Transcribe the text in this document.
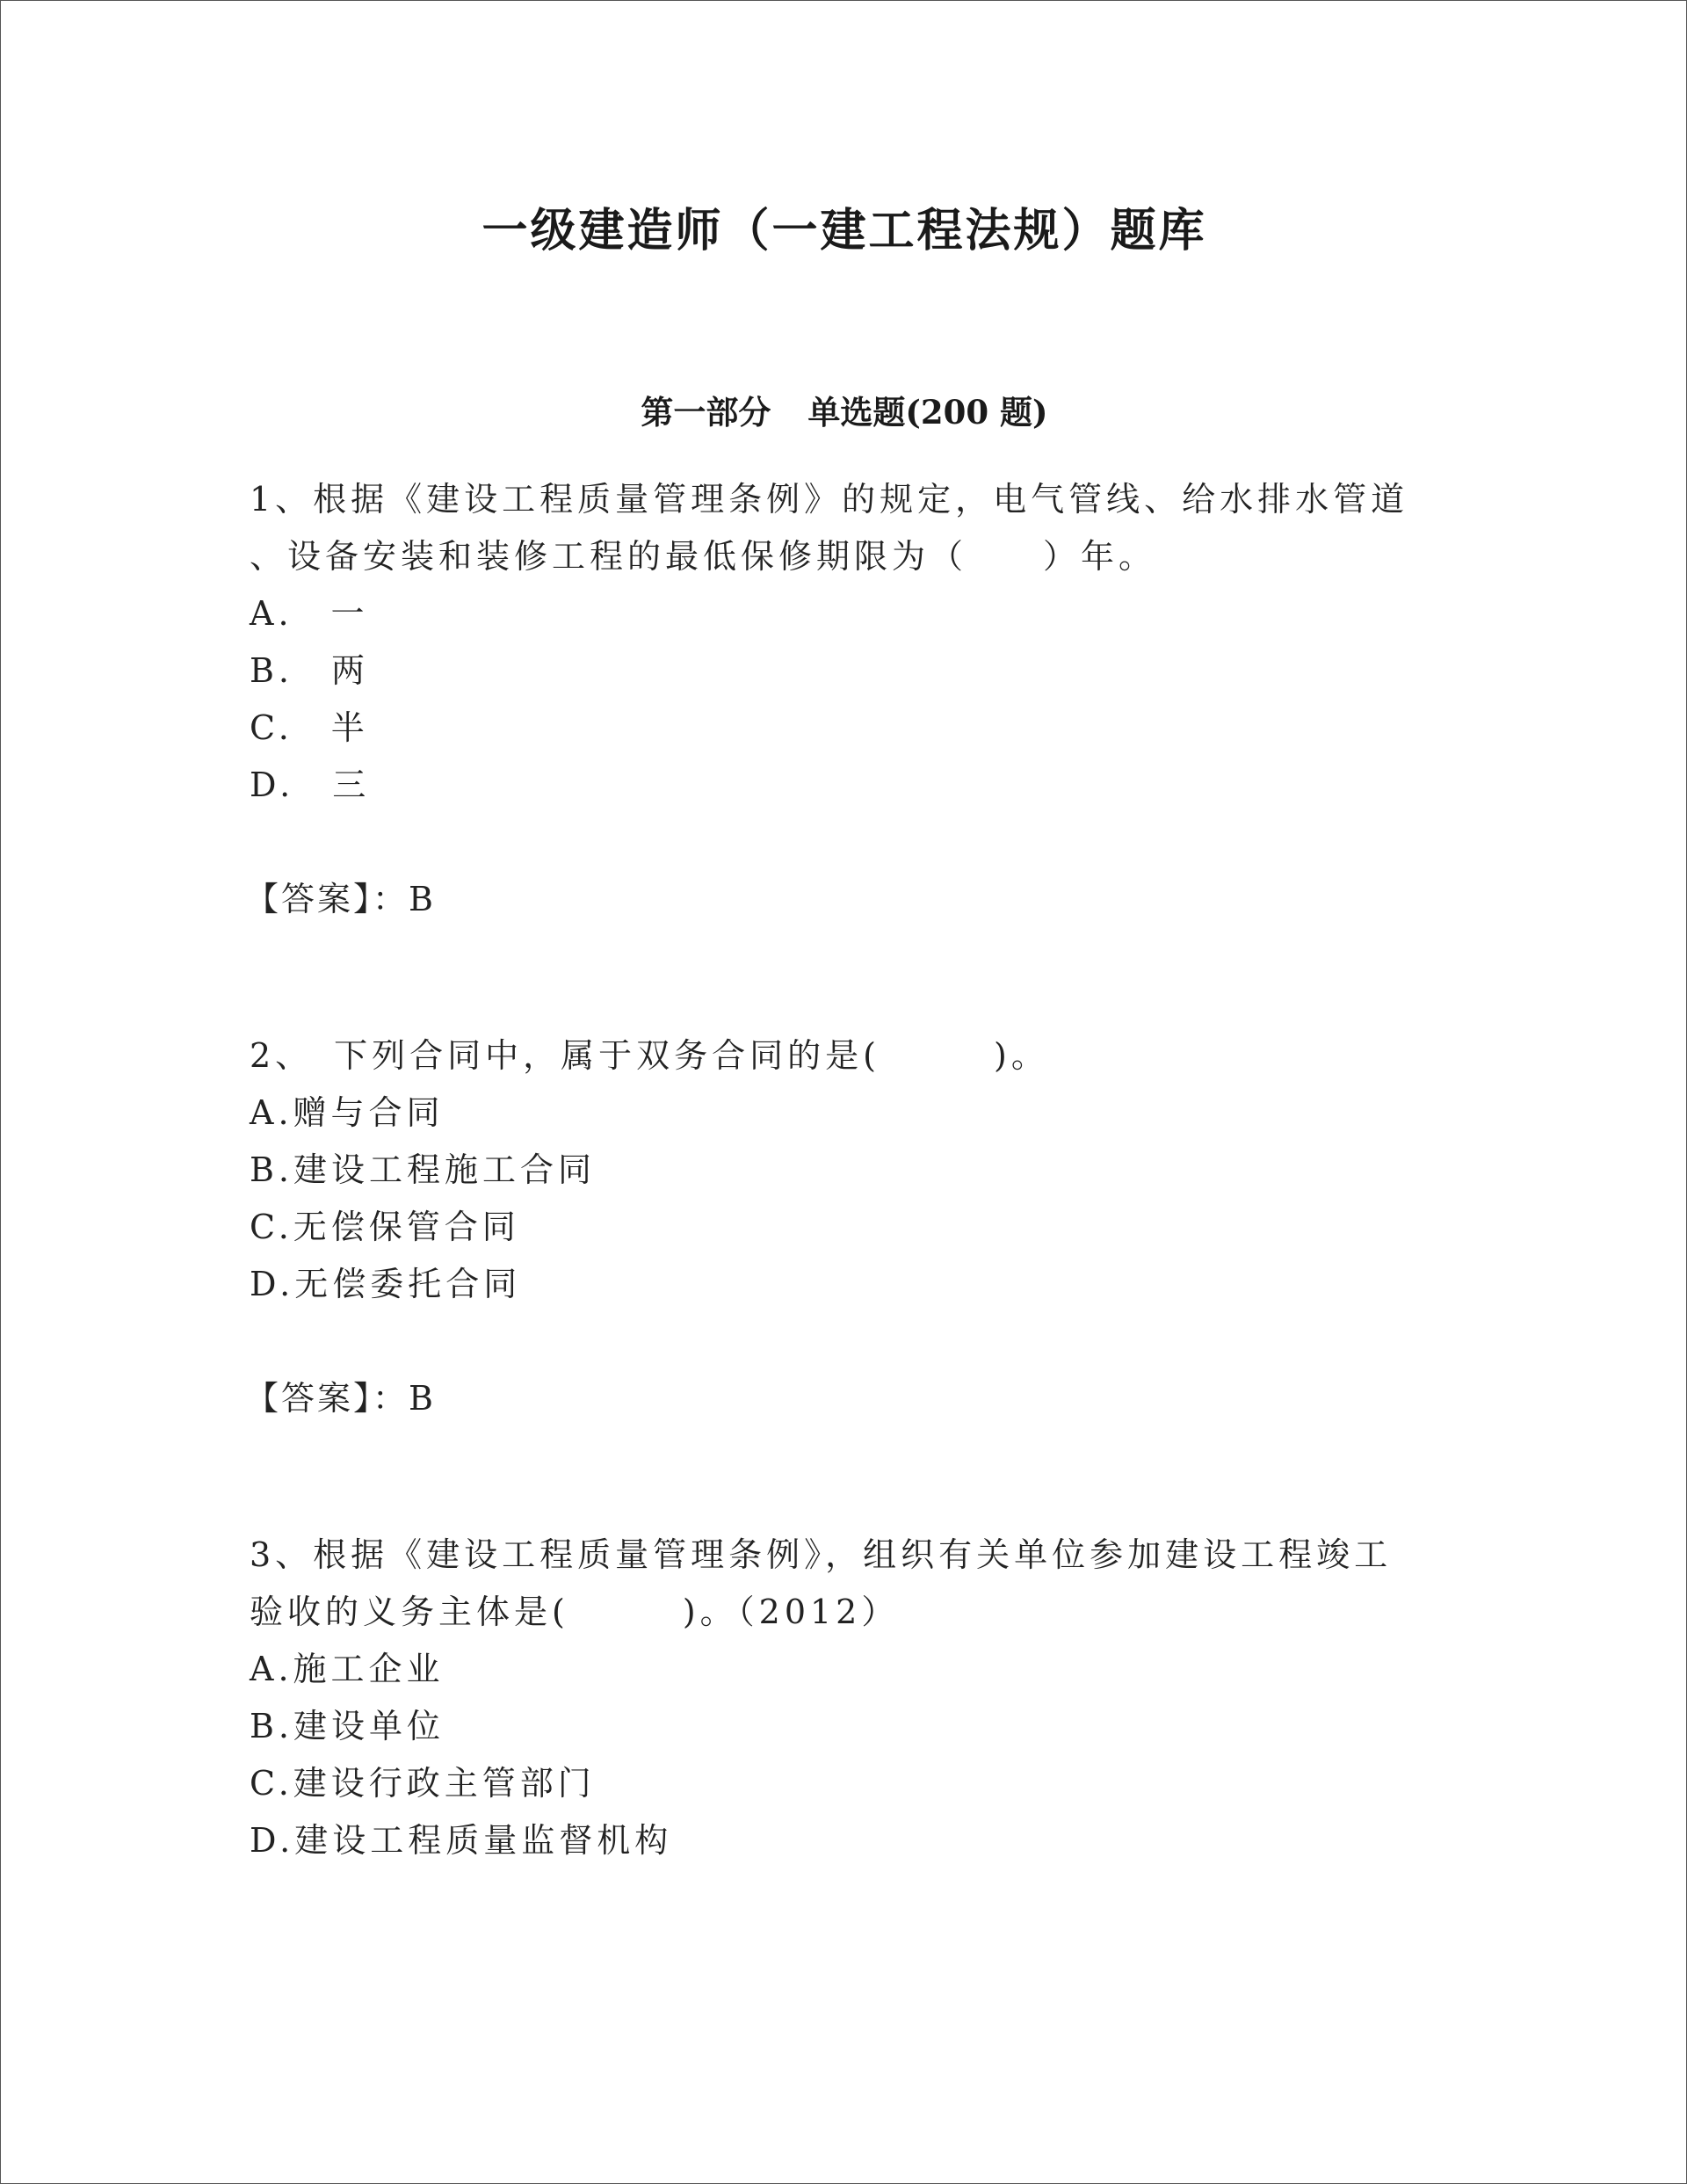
一级建造师（一建工程法规）题库
第一部分 单选题(200 题)

1、根据《建设工程质量管理条例》的规定，电气管线、给水排水管道

、设备安装和装修工程的最低保修期限为（　　）年。

A.　一

B.　两

C.　半

D.　三

【答案】：B

2、　下列合同中，属于双务合同的是(　　　)。

A.赠与合同

B.建设工程施工合同

C.无偿保管合同

D.无偿委托合同

【答案】：B

3、根据《建设工程质量管理条例》，组织有关单位参加建设工程竣工

验收的义务主体是(　　　)。（2012）

A.施工企业

B.建设单位

C.建设行政主管部门

D.建设工程质量监督机构
